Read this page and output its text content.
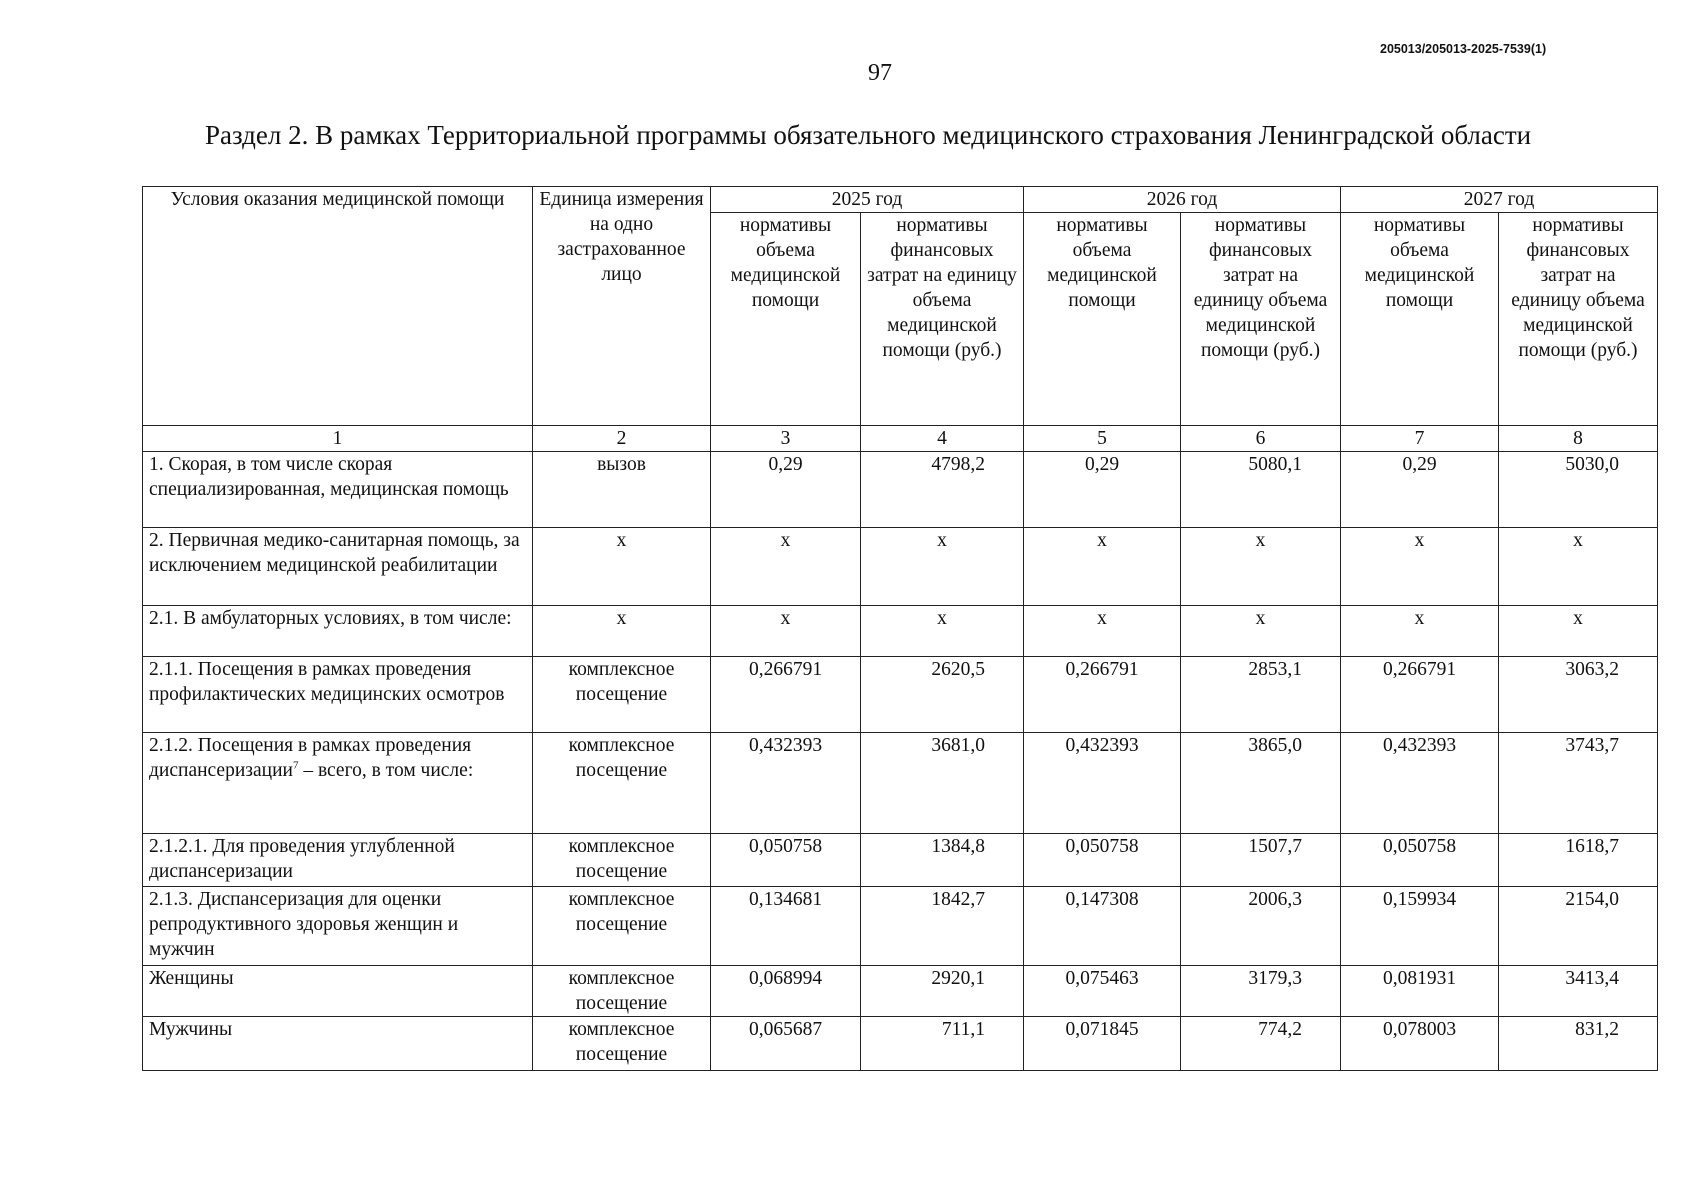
205013/205013-2025-7539(1)
97
Раздел 2. В рамках Территориальной программы обязательного медицинского страхования Ленинградской области
Условия оказания медицинской помощи	Единица измерения на одно застрахованное лицо	2025 год		2026 год		2027 год	
		нормативы объема медицинской помощи	нормативы финансовых затрат на единицу объема медицинской помощи (руб.)	нормативы объема медицинской помощи	нормативы финансовых затрат на единицу объема медицинской помощи (руб.)	нормативы объема медицинской помощи	нормативы финансовых затрат на единицу объема медицинской помощи (руб.)
1	2	3	4	5	6	7	8
1. Скорая, в том числе скорая специализированная, медицинская помощь	вызов	0,29	4798,2	0,29	5080,1	0,29	5030,0
2. Первичная медико-санитарная помощь, за исключением медицинской реабилитации	х	х	х	х	х	х	х
2.1. В амбулаторных условиях, в том числе:	х	х	х	х	х	х	х
2.1.1. Посещения в рамках проведения профилактических медицинских осмотров	комплексное посещение	0,266791	2620,5	0,266791	2853,1	0,266791	3063,2
2.1.2. Посещения в рамках проведения диспансеризации$^7$ – всего, в том числе:	комплексное посещение	0,432393	3681,0	0,432393	3865,0	0,432393	3743,7
2.1.2.1. Для проведения углубленной диспансеризации	комплексное посещение	0,050758	1384,8	0,050758	1507,7	0,050758	1618,7
2.1.3. Диспансеризация для оценки репродуктивного здоровья женщин и мужчин	комплексное посещение	0,134681	1842,7	0,147308	2006,3	0,159934	2154,0
Женщины	комплексное посещение	0,068994	2920,1	0,075463	3179,3	0,081931	3413,4
Мужчины	комплексное посещение	0,065687	711,1	0,071845	774,2	0,078003	831,2
